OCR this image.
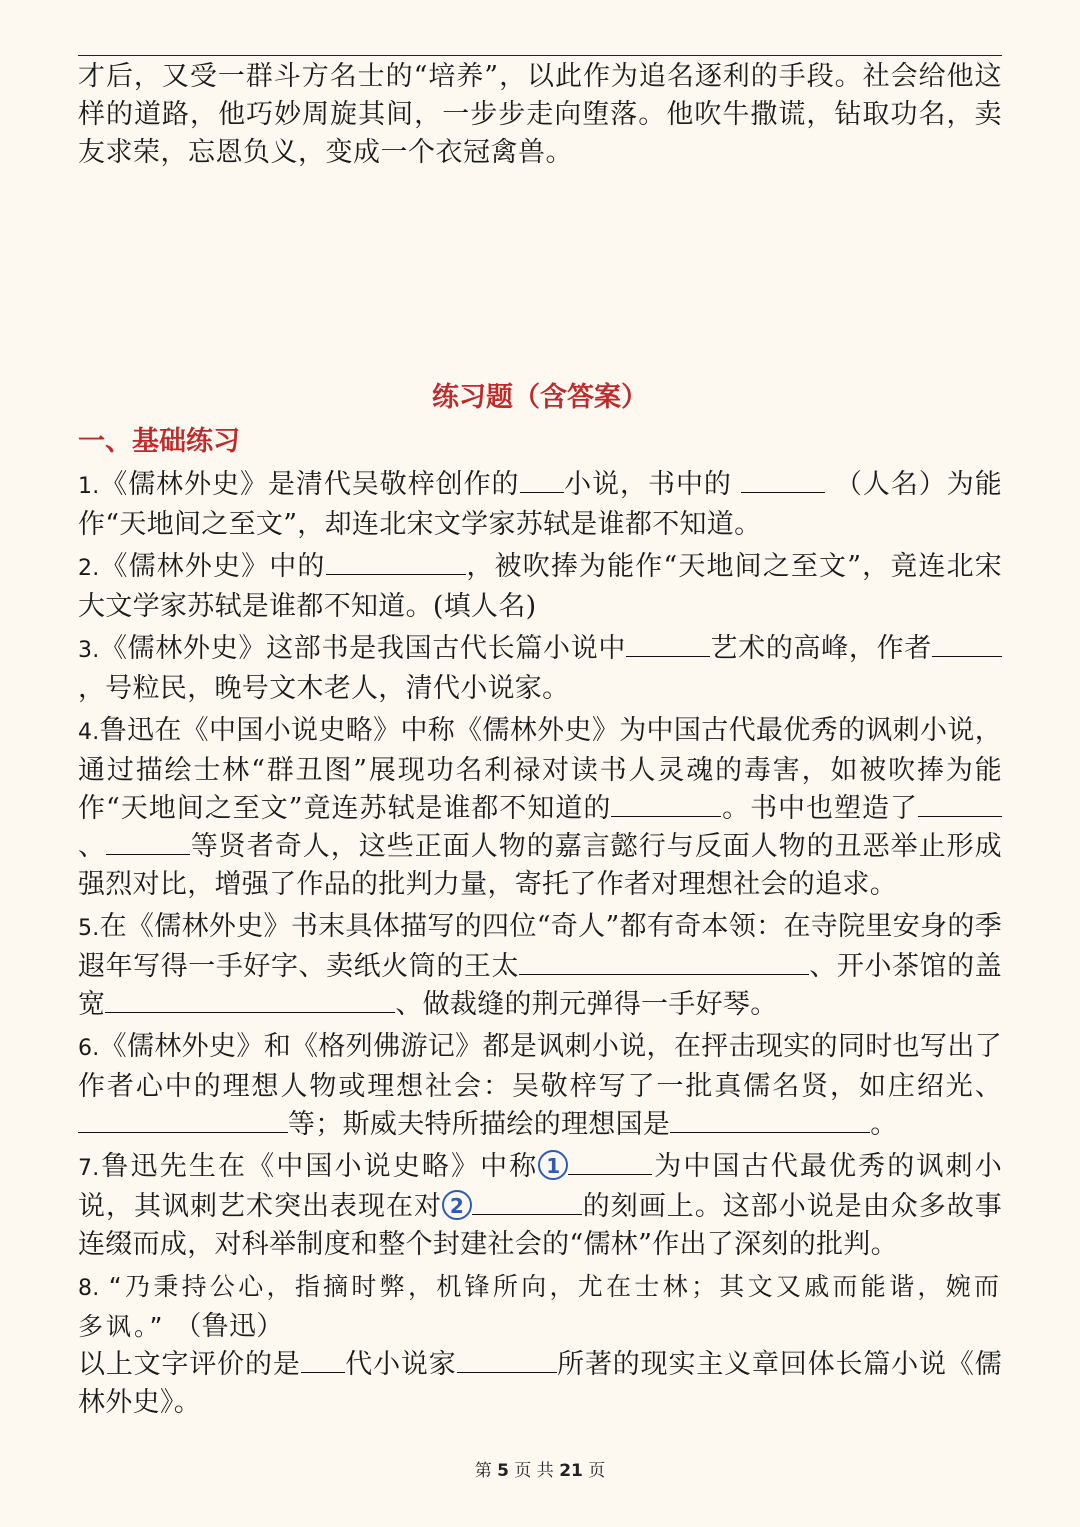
才后，又受一群斗方名士的“培养”，以此作为追名逐利的手段。社会给他这样的道路，他巧妙周旋其间，一步步走向堕落。他吹牛撒谎，钻取功名，卖友求荣，忘恩负义，变成一个衣冠禽兽。
练习题（含答案）
一、基础练习

1.《儒林外史》是清代吴敬梓创作的 小说，书中的	（人名）为能作“天地间之至文”，却连北宋文学家苏轼是谁都不知道。

2.《儒林外史》中的	，被吹捧为能作“天地间之至文”，竟连北宋大文学家苏轼是谁都不知道。(填人名)

3.《儒林外史》这部书是我国古代长篇小说中	艺术的高峰，作者，号粒民，晚号文木老人，清代小说家。

4.鲁迅在《中国小说史略》中称《儒林外史》为中国古代最优秀的讽刺小说，通过描绘士林“群丑图”展现功名利禄对读书人灵魂的毒害，如被吹捧为能作“天地间之至文”竟连苏轼是谁都不知道的	。书中也塑造了、	等贤者奇人，这些正面人物的嘉言懿行与反面人物的丑恶举止形成强烈对比，增强了作品的批判力量，寄托了作者对理想社会的追求。

5.在《儒林外史》书末具体描写的四位“奇人”都有奇本领：在寺院里安身的季遐年写得一手好字、卖纸火筒的王太	、开小茶馆的盖宽	、做裁缝的荆元弹得一手好琴。

6.《儒林外史》和《格列佛游记》都是讽刺小说，在抨击现实的同时也写出了作者心中的理想人物或理想社会：吴敬梓写了一批真儒名贤，如庄绍光、等；斯威夫特所描绘的理想国是	。

7.鲁迅先生在《中国小说史略》中称 1	为中国古代最优秀的讽刺小说，其讽刺艺术突出表现在对 2	的刻画上。这部小说是由众多故事连缀而成，对科举制度和整个封建社会的“儒林”作出了深刻的批判。

8. “乃秉持公心，指摘时弊，机锋所向，尤在士林；其文又戚而能谐，婉而多讽。” （鲁迅）

以上文字评价的是 代小说家	所著的现实主义章回体长篇小说《儒林外史》。

第 5 页 共 21 页
